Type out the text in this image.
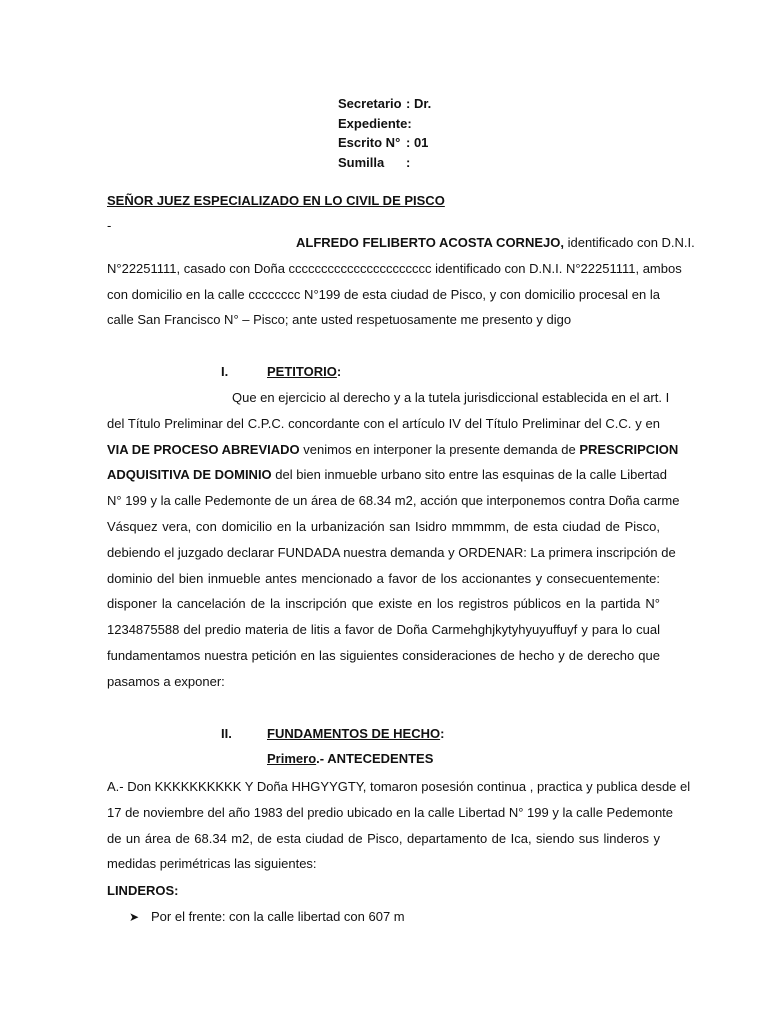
Secretario : Dr.
Expediente:
Escrito N° : 01
Sumilla	:
SEÑOR JUEZ ESPECIALIZADO EN LO CIVIL DE PISCO
-
ALFREDO FELIBERTO ACOSTA CORNEJO, identificado con D.N.I.
N°22251111, casado con Doña cccccccccccccccccccccc identificado con D.N.I. N°22251111, ambos
con domicilio en la calle cccccccc N°199 de esta ciudad de Pisco, y con domicilio procesal en la
calle San Francisco N° – Pisco; ante usted respetuosamente me presento y digo
I.	PETITORIO:
Que en ejercicio al derecho y a la tutela jurisdiccional establecida en el art. I
del Título Preliminar del C.P.C. concordante con el artículo IV del Título Preliminar del C.C. y en
VIA DE PROCESO ABREVIADO venimos en interponer la presente demanda de PRESCRIPCION
ADQUISITIVA DE DOMINIO del bien inmueble urbano sito entre las esquinas de la calle Libertad
N° 199 y la calle Pedemonte de un área de 68.34 m2, acción que interponemos contra Doña carme
Vásquez vera, con domicilio en la urbanización san Isidro mmmmm, de esta ciudad de Pisco,
debiendo el juzgado declarar FUNDADA nuestra demanda y ORDENAR: La primera inscripción de
dominio del bien inmueble antes mencionado a favor de los accionantes y consecuentemente:
disponer la cancelación de la inscripción que existe en los registros públicos en la partida N°
1234875588 del predio materia de litis a favor de Doña Carmehghjkytyhyuyuffuyf y para lo cual
fundamentamos nuestra petición en las siguientes consideraciones de hecho y de derecho que
pasamos a exponer:
II.	FUNDAMENTOS DE HECHO:
Primero.- ANTECEDENTES
A.- Don KKKKKKKKKK Y Doña HHGYYGTY, tomaron posesión continua , practica y publica desde el
17 de noviembre del año 1983 del predio ubicado en la calle Libertad N° 199 y la calle Pedemonte
de un área de 68.34 m2, de esta ciudad de Pisco, departamento de Ica, siendo sus linderos y
medidas perimétricas las siguientes:
LINDEROS:
➤ Por el frente: con la calle libertad con 607 m
